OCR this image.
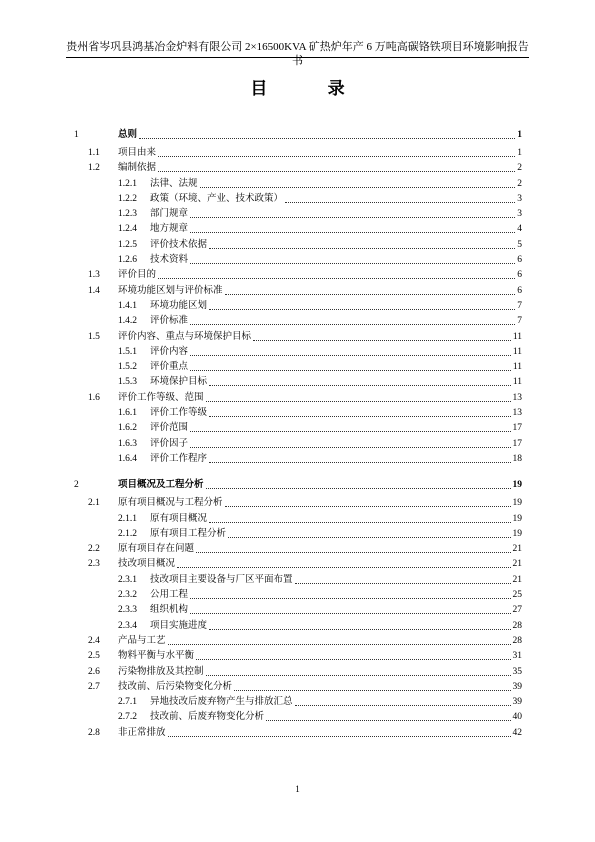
贵州省岑巩县鸿基冶金炉料有限公司 2×16500KVA 矿热炉年产 6 万吨高碳铬铁项目环境影响报告书
目 录
1	总则	1
1.1 项目由来	1
1.2 编制依据	2
1.2.1 法律、法规	2
1.2.2 政策（环境、产业、技术政策）	3
1.2.3 部门规章	3
1.2.4 地方规章	4
1.2.5 评价技术依据	5
1.2.6 技术资料	6
1.3 评价目的	6
1.4 环境功能区划与评价标准	6
1.4.1 环境功能区划	7
1.4.2 评价标准	7
1.5 评价内容、重点与环境保护目标	11
1.5.1 评价内容	11
1.5.2 评价重点	11
1.5.3 环境保护目标	11
1.6 评价工作等级、范围	13
1.6.1 评价工作等级	13
1.6.2 评价范围	17
1.6.3 评价因子	17
1.6.4 评价工作程序	18
2	项目概况及工程分析	19
2.1 原有项目概况与工程分析	19
2.1.1 原有项目概况	19
2.1.2 原有项目工程分析	19
2.2 原有项目存在问题	21
2.3 技改项目概况	21
2.3.1 技改项目主要设备与厂区平面布置	21
2.3.2 公用工程	25
2.3.3 组织机构	27
2.3.4 项目实施进度	28
2.4 产品与工艺	28
2.5 物料平衡与水平衡	31
2.6 污染物排放及其控制	35
2.7 技改前、后污染物变化分析	39
2.7.1 异地技改后废弃物产生与排放汇总	39
2.7.2 技改前、后废弃物变化分析	40
2.8 非正常排放	42
1
